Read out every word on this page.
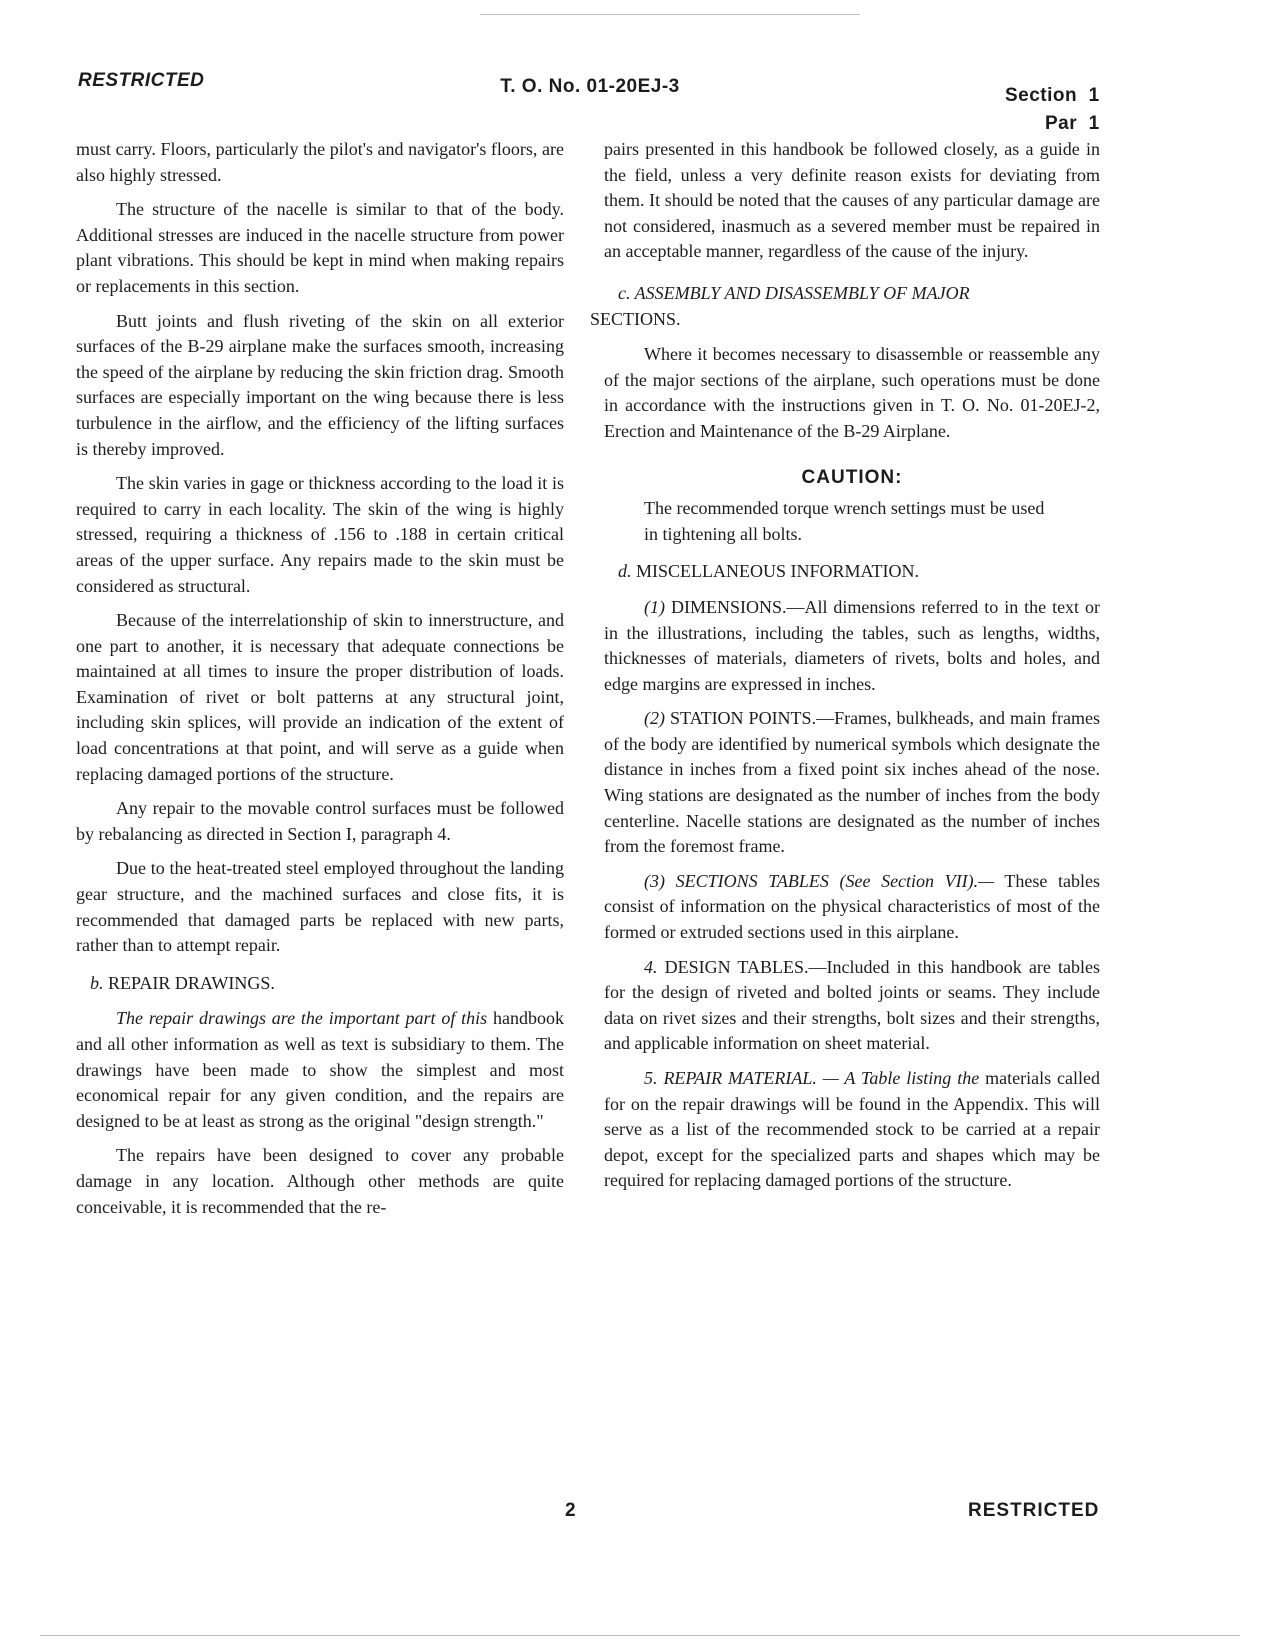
RESTRICTED	T. O. No. 01-20EJ-3	Section  1
Par  1

must carry. Floors, particularly the pilot's and navigator's floors, are also highly stressed.

The structure of the nacelle is similar to that of the body. Additional stresses are induced in the nacelle structure from power plant vibrations. This should be kept in mind when making repairs or replacements in this section.

Butt joints and flush riveting of the skin on all exterior surfaces of the B-29 airplane make the surfaces smooth, increasing the speed of the airplane by reducing the skin friction drag. Smooth surfaces are especially important on the wing because there is less turbulence in the airflow, and the efficiency of the lifting surfaces is thereby improved.

The skin varies in gage or thickness according to the load it is required to carry in each locality. The skin of the wing is highly stressed, requiring a thickness of .156 to .188 in certain critical areas of the upper surface. Any repairs made to the skin must be considered as structural.

Because of the interrelationship of skin to innerstructure, and one part to another, it is necessary that adequate connections be maintained at all times to insure the proper distribution of loads. Examination of rivet or bolt patterns at any structural joint, including skin splices, will provide an indication of the extent of load concentrations at that point, and will serve as a guide when replacing damaged portions of the structure.

Any repair to the movable control surfaces must be followed by rebalancing as directed in Section I, paragraph 4.

Due to the heat-treated steel employed throughout the landing gear structure, and the machined surfaces and close fits, it is recommended that damaged parts be replaced with new parts, rather than to attempt repair.

b. REPAIR DRAWINGS.

The repair drawings are the important part of this handbook and all other information as well as text is subsidiary to them. The drawings have been made to show the simplest and most economical repair for any given condition, and the repairs are designed to be at least as strong as the original "design strength."

The repairs have been designed to cover any probable damage in any location. Although other methods are quite conceivable, it is recommended that the re-

pairs presented in this handbook be followed closely, as a guide in the field, unless a very definite reason exists for deviating from them. It should be noted that the causes of any particular damage are not considered, inasmuch as a severed member must be repaired in an acceptable manner, regardless of the cause of the injury.

c. ASSEMBLY AND DISASSEMBLY OF MAJOR
SECTIONS.

Where it becomes necessary to disassemble or reassemble any of the major sections of the airplane, such operations must be done in accordance with the instructions given in T. O. No. 01-20EJ-2, Erection and Maintenance of the B-29 Airplane.

CAUTION:
The recommended torque wrench settings must be used in tightening all bolts.
d. MISCELLANEOUS INFORMATION.

(1) DIMENSIONS.—All dimensions referred to in the text or in the illustrations, including the tables, such as lengths, widths, thicknesses of materials, diameters of rivets, bolts and holes, and edge margins are expressed in inches.

(2) STATION POINTS.—Frames, bulkheads, and main frames of the body are identified by numerical symbols which designate the distance in inches from a fixed point six inches ahead of the nose. Wing stations are designated as the number of inches from the body centerline. Nacelle stations are designated as the number of inches from the foremost frame.

(3) SECTIONS TABLES (See Section VII).— These tables consist of information on the physical characteristics of most of the formed or extruded sections used in this airplane.

4. DESIGN TABLES.—Included in this handbook are tables for the design of riveted and bolted joints or seams. They include data on rivet sizes and their strengths, bolt sizes and their strengths, and applicable information on sheet material.

5. REPAIR MATERIAL. — A Table listing the materials called for on the repair drawings will be found in the Appendix. This will serve as a list of the recommended stock to be carried at a repair depot, except for the specialized parts and shapes which may be required for replacing damaged portions of the structure.

2	RESTRICTED
